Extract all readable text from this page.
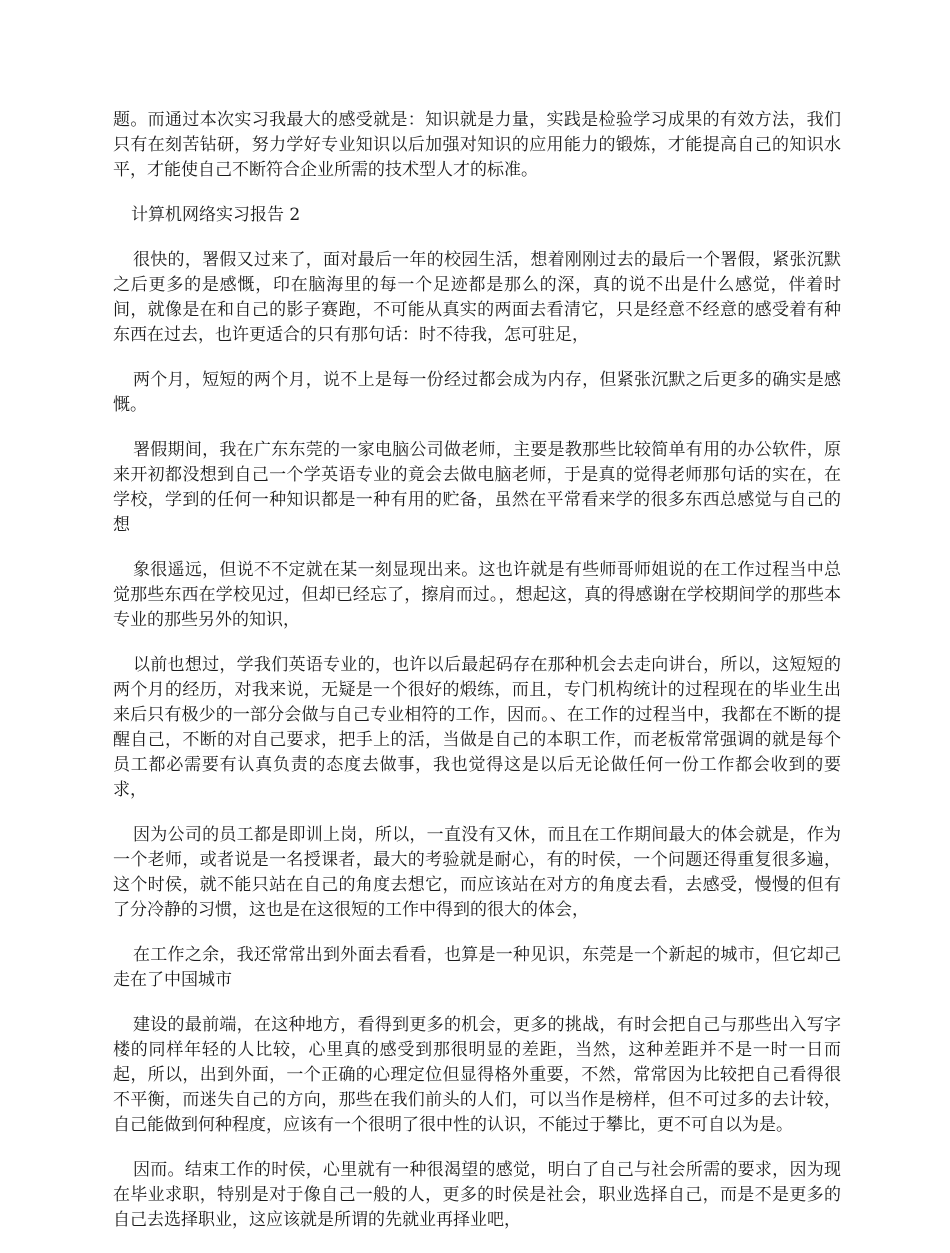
题。而通过本次实习我最大的感受就是：知识就是力量，实践是检验学习成果的有效方法，我们只有在刻苦钻研，努力学好专业知识以后加强对知识的应用能力的锻炼，才能提高自己的知识水平，才能使自己不断符合企业所需的技术型人才的标准。

计算机网络实习报告 2

很快的，署假又过来了，面对最后一年的校园生活，想着刚刚过去的最后一个署假，紧张沉默之后更多的是感慨，印在脑海里的每一个足迹都是那么的深，真的说不出是什么感觉，伴着时间，就像是在和自己的影子赛跑，不可能从真实的两面去看清它，只是经意不经意的感受着有种东西在过去，也许更适合的只有那句话：时不待我，怎可驻足，

两个月，短短的两个月，说不上是每一份经过都会成为内存，但紧张沉默之后更多的确实是感慨。

署假期间，我在广东东莞的一家电脑公司做老师，主要是教那些比较简单有用的办公软件，原来开初都没想到自己一个学英语专业的竟会去做电脑老师，于是真的觉得老师那句话的实在，在学校，学到的任何一种知识都是一种有用的贮备，虽然在平常看来学的很多东西总感觉与自己的想

象很遥远，但说不不定就在某一刻显现出来。这也许就是有些师哥师姐说的在工作过程当中总觉那些东西在学校见过，但却已经忘了，擦肩而过。，想起这，真的得感谢在学校期间学的那些本专业的那些另外的知识，

以前也想过，学我们英语专业的，也许以后最起码存在那种机会去走向讲台，所以，这短短的两个月的经历，对我来说，无疑是一个很好的煅练，而且，专门机构统计的过程现在的毕业生出来后只有极少的一部分会做与自己专业相符的工作，因而。、在工作的过程当中，我都在不断的提醒自己，不断的对自己要求，把手上的活，当做是自己的本职工作，而老板常常强调的就是每个员工都必需要有认真负责的态度去做事，我也觉得这是以后无论做任何一份工作都会收到的要求，

因为公司的员工都是即训上岗，所以，一直没有又休，而且在工作期间最大的体会就是，作为一个老师，或者说是一名授课者，最大的考验就是耐心，有的时侯，一个问题还得重复很多遍，这个时侯，就不能只站在自己的角度去想它，而应该站在对方的角度去看，去感受，慢慢的但有了分冷静的习惯，这也是在这很短的工作中得到的很大的体会，

在工作之余，我还常常出到外面去看看，也算是一种见识，东莞是一个新起的城市，但它却己走在了中国城市

建设的最前端，在这种地方，看得到更多的机会，更多的挑战，有时会把自己与那些出入写字楼的同样年轻的人比较，心里真的感受到那很明显的差距，当然，这种差距并不是一时一日而起，所以，出到外面，一个正确的心理定位但显得格外重要，不然，常常因为比较把自己看得很不平衡，而迷失自己的方向，那些在我们前头的人们，可以当作是榜样，但不可过多的去计较，自己能做到何种程度，应该有一个很明了很中性的认识，不能过于攀比，更不可自以为是。

因而。结束工作的时侯，心里就有一种很渴望的感觉，明白了自己与社会所需的要求，因为现在毕业求职，特别是对于像自己一般的人，更多的时侯是社会，职业选择自己，而是不是更多的自己去选择职业，这应该就是所谓的先就业再择业吧，
